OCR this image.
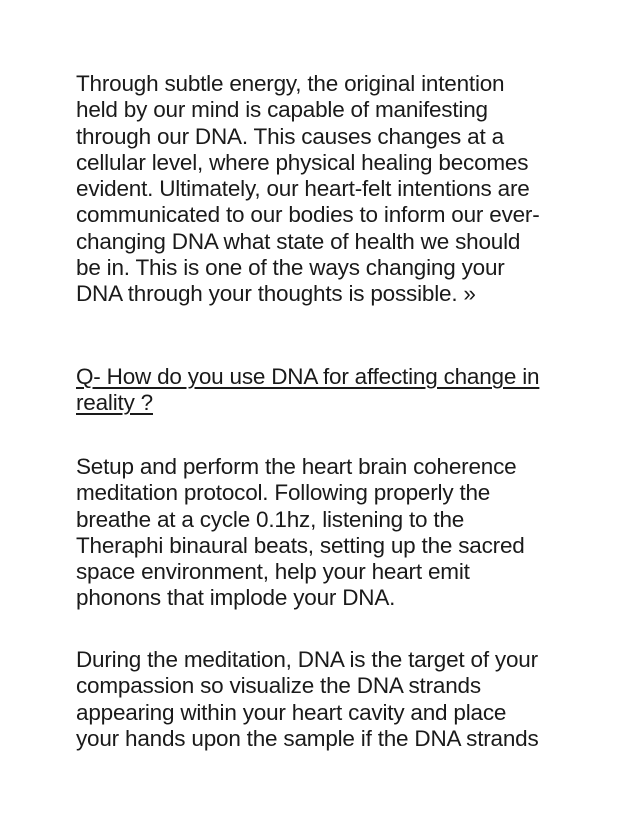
Through subtle energy, the original intention
held by our mind is capable of manifesting
through our DNA. This causes changes at a
cellular level, where physical healing becomes
evident. Ultimately, our heart-felt intentions are
communicated to our bodies to inform our ever-
changing DNA what state of health we should
be in. This is one of the ways changing your
DNA through your thoughts is possible. »

Q- How do you use DNA for affecting change in
reality ?

Setup and perform the heart brain coherence
meditation protocol. Following properly the
breathe at a cycle 0.1hz, listening to the
Theraphi binaural beats, setting up the sacred
space environment, help your heart emit
phonons that implode your DNA.

During the meditation, DNA is the target of your
compassion so visualize the DNA strands
appearing within your heart cavity and place
your hands upon the sample if the DNA strands
